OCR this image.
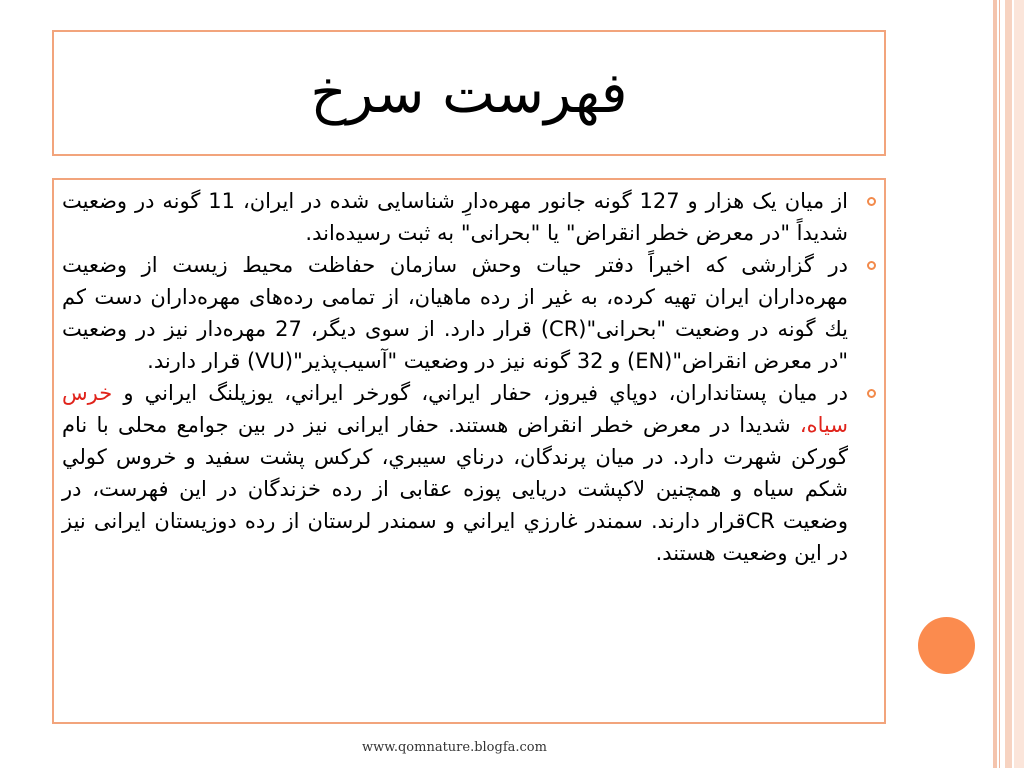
فهرست سرخ
از میان یک هزار و 127 گونه جانور مهره‌دارِ شناسایی شده در ایران، 11 گونه در وضعیت شدیداً "در معرض خطر انقراض" یا "بحرانی" به ثبت رسیده‌اند.
در گزارشی که اخیراً دفتر حیات وحش سازمان حفاظت محیط زیست از وضعیت مهره‌داران ایران تهیه کرده، به غیر از رده ماهیان، از تمامی رده‌های مهره‌داران دست کم يك گونه در وضعیت "بحرانی"(CR) قرار دارد. از سوی دیگر، 27 مهره‌دار نیز در وضعیت "در معرض انقراض"(EN) و 32 گونه نیز در وضعیت "آسیب‌پذیر"(VU) قرار دارند.
در میان پستانداران، دوپاي فیروز، حفار ایراني، گورخر ایراني، یوزپلنگ ایراني و خرس سیاه، شدیدا در معرض خطر انقراض هستند. حفار ایرانی نیز در بین جوامع محلی با نام گورکن شهرت دارد. در میان پرندگان، درناي سیبري، کرکس پشت سفید و خروس کولي شکم سیاه و همچنین لاکپشت دریایی پوزه عقابی از رده خزندگان در این فهرست، در وضعیت CRقرار دارند. سمندر غارزي ایراني و سمندر لرستان از رده دوزیستان ایرانی نیز در این وضعیت هستند.
www.qomnature.blogfa.com
